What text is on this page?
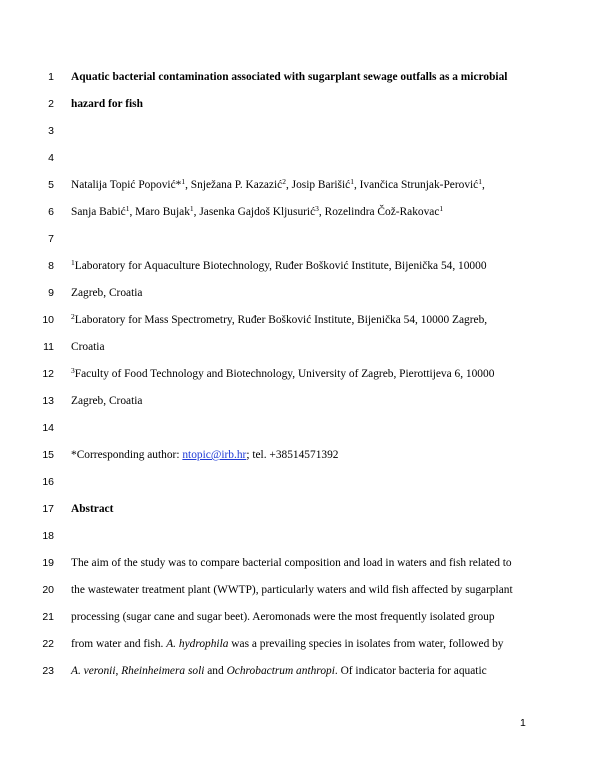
1 Aquatic bacterial contamination associated with sugarplant sewage outfalls as a microbial
2 hazard for fish
3
4
5 Natalija Topić Popović*$^1$, Snježana P. Kazazić$^2$, Josip Barišić$^1$, Ivančica Strunjak-Perović$^1$,
6 Sanja Babić$^1$, Maro Bujak$^1$, Jasenka Gajdoš Kljusurić$^3$, Rozelindra Čož-Rakovac$^1$
7
8 $^1$Laboratory for Aquaculture Biotechnology, Ruđer Bošković Institute, Bijenička 54, 10000
9 Zagreb, Croatia
10 $^2$Laboratory for Mass Spectrometry, Ruđer Bošković Institute, Bijenička 54, 10000 Zagreb,
11 Croatia
12 $^3$Faculty of Food Technology and Biotechnology, University of Zagreb, Pierottijeva 6, 10000
13 Zagreb, Croatia
14
15 *Corresponding author: ntopic@irb.hr; tel. +38514571392
16
17 Abstract
18
19 The aim of the study was to compare bacterial composition and load in waters and fish related to
20 the wastewater treatment plant (WWTP), particularly waters and wild fish affected by sugarplant
21 processing (sugar cane and sugar beet). Aeromonads were the most frequently isolated group
22 from water and fish. A. hydrophila was a prevailing species in isolates from water, followed by
23 A. veronii, Rheinheimera soli and Ochrobactrum anthropi. Of indicator bacteria for aquatic
1
